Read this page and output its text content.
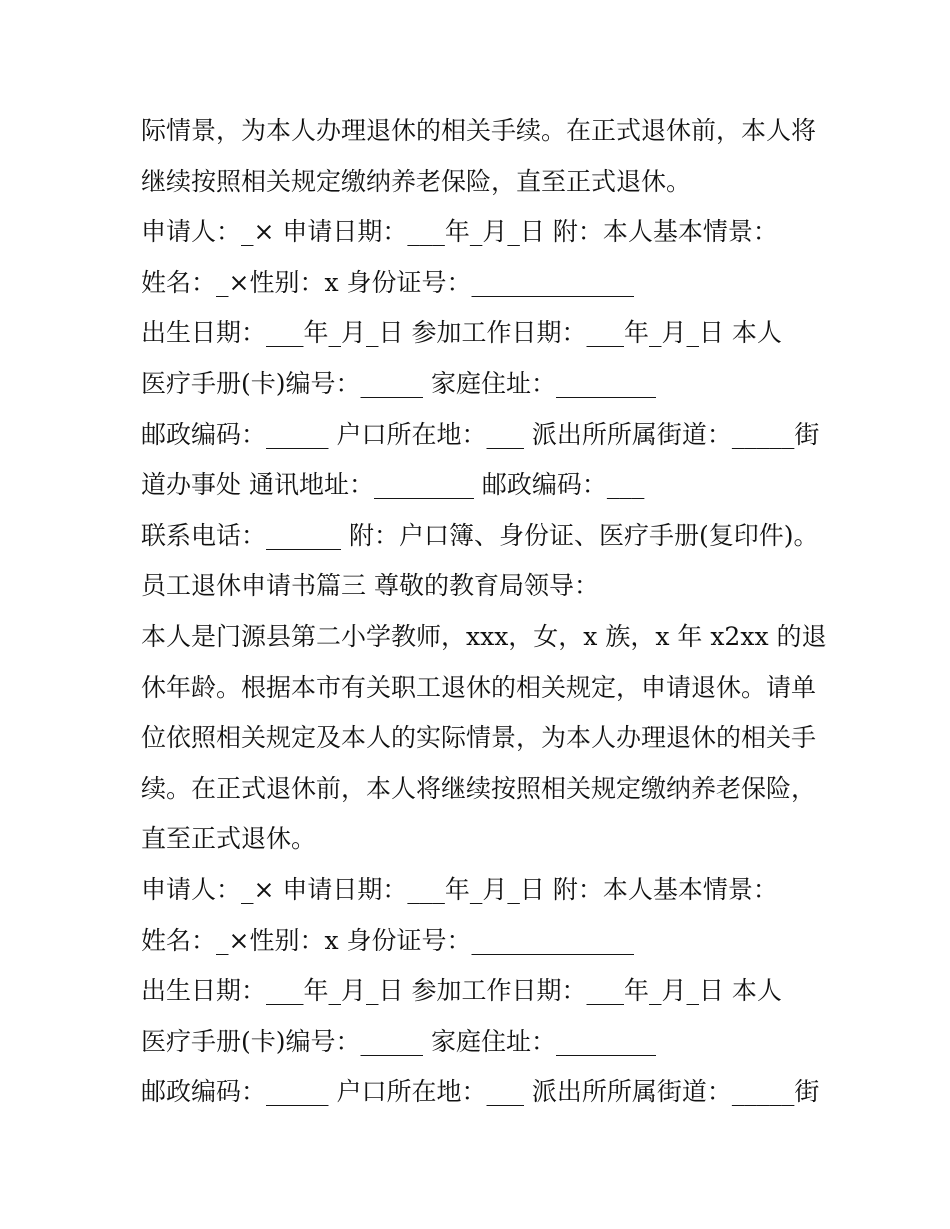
际情景，为本人办理退休的相关手续。在正式退休前，本人将
继续按照相关规定缴纳养老保险，直至正式退休。
申请人：_× 申请日期：___年_月_日 附：本人基本情景：
姓名：_×性别：x 身份证号：_____________
出生日期：___年_月_日 参加工作日期：___年_月_日 本人
医疗手册(卡)编号：_____ 家庭住址：________
邮政编码：_____ 户口所在地：___ 派出所所属街道：_____街
道办事处 通讯地址：________ 邮政编码：___
联系电话：______ 附：户口簿、身份证、医疗手册(复印件)。
员工退休申请书篇三 尊敬的教育局领导：
本人是门源县第二小学教师，xxx，女，x 族，x 年 x2xx 的退
休年龄。根据本市有关职工退休的相关规定，申请退休。请单
位依照相关规定及本人的实际情景，为本人办理退休的相关手
续。在正式退休前，本人将继续按照相关规定缴纳养老保险，
直至正式退休。
申请人：_× 申请日期：___年_月_日 附：本人基本情景：
姓名：_×性别：x 身份证号：_____________
出生日期：___年_月_日 参加工作日期：___年_月_日 本人
医疗手册(卡)编号：_____ 家庭住址：________
邮政编码：_____ 户口所在地：___ 派出所所属街道：_____街
